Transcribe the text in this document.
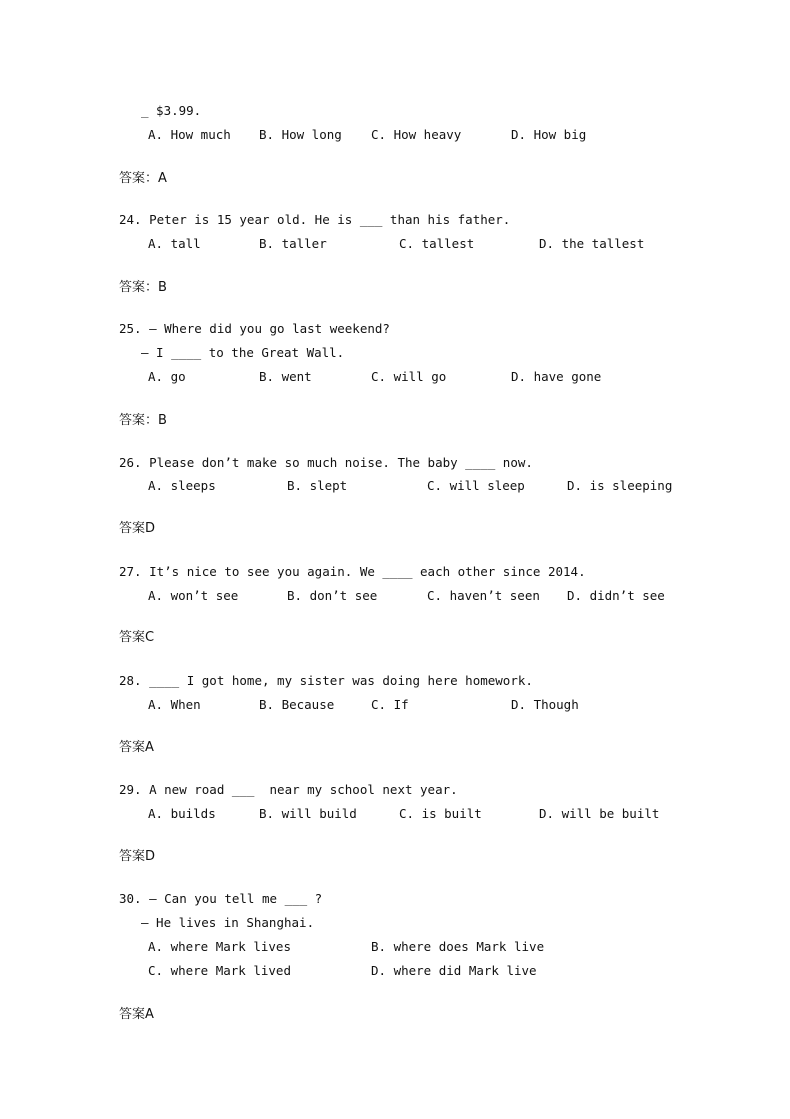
_ $3.99.
A. How much B. How long C. How heavy	D. How big
答案：A
24. Peter is 15 year old. He is ___ than his father.
A. tall	B. taller	C. tallest	D. the tallest
答案：B
25. – Where did you go last weekend?
– I ____ to the Great Wall.
A. go	B. went	C. will go	D. have gone
答案：B
26. Please don’t make so much noise. The baby ____ now.
A. sleeps	B. slept	C. will sleep	D. is sleeping
答案D
27. It’s nice to see you again. We ____ each other since 2014.
A. won’t see	B. don’t see	C. haven’t seen D. didn’t see
答案C
28. ____ I got home, my sister was doing here homework.
A. When	B. Because	C. If	D. Though
答案A
29. A new road ___  near my school next year.
A. builds	B. will build	C. is built	D. will be built
答案D
30. – Can you tell me ___ ?
– He lives in Shanghai.
A. where Mark lives	B. where does Mark live
C. where Mark lived	D. where did Mark live
答案A
